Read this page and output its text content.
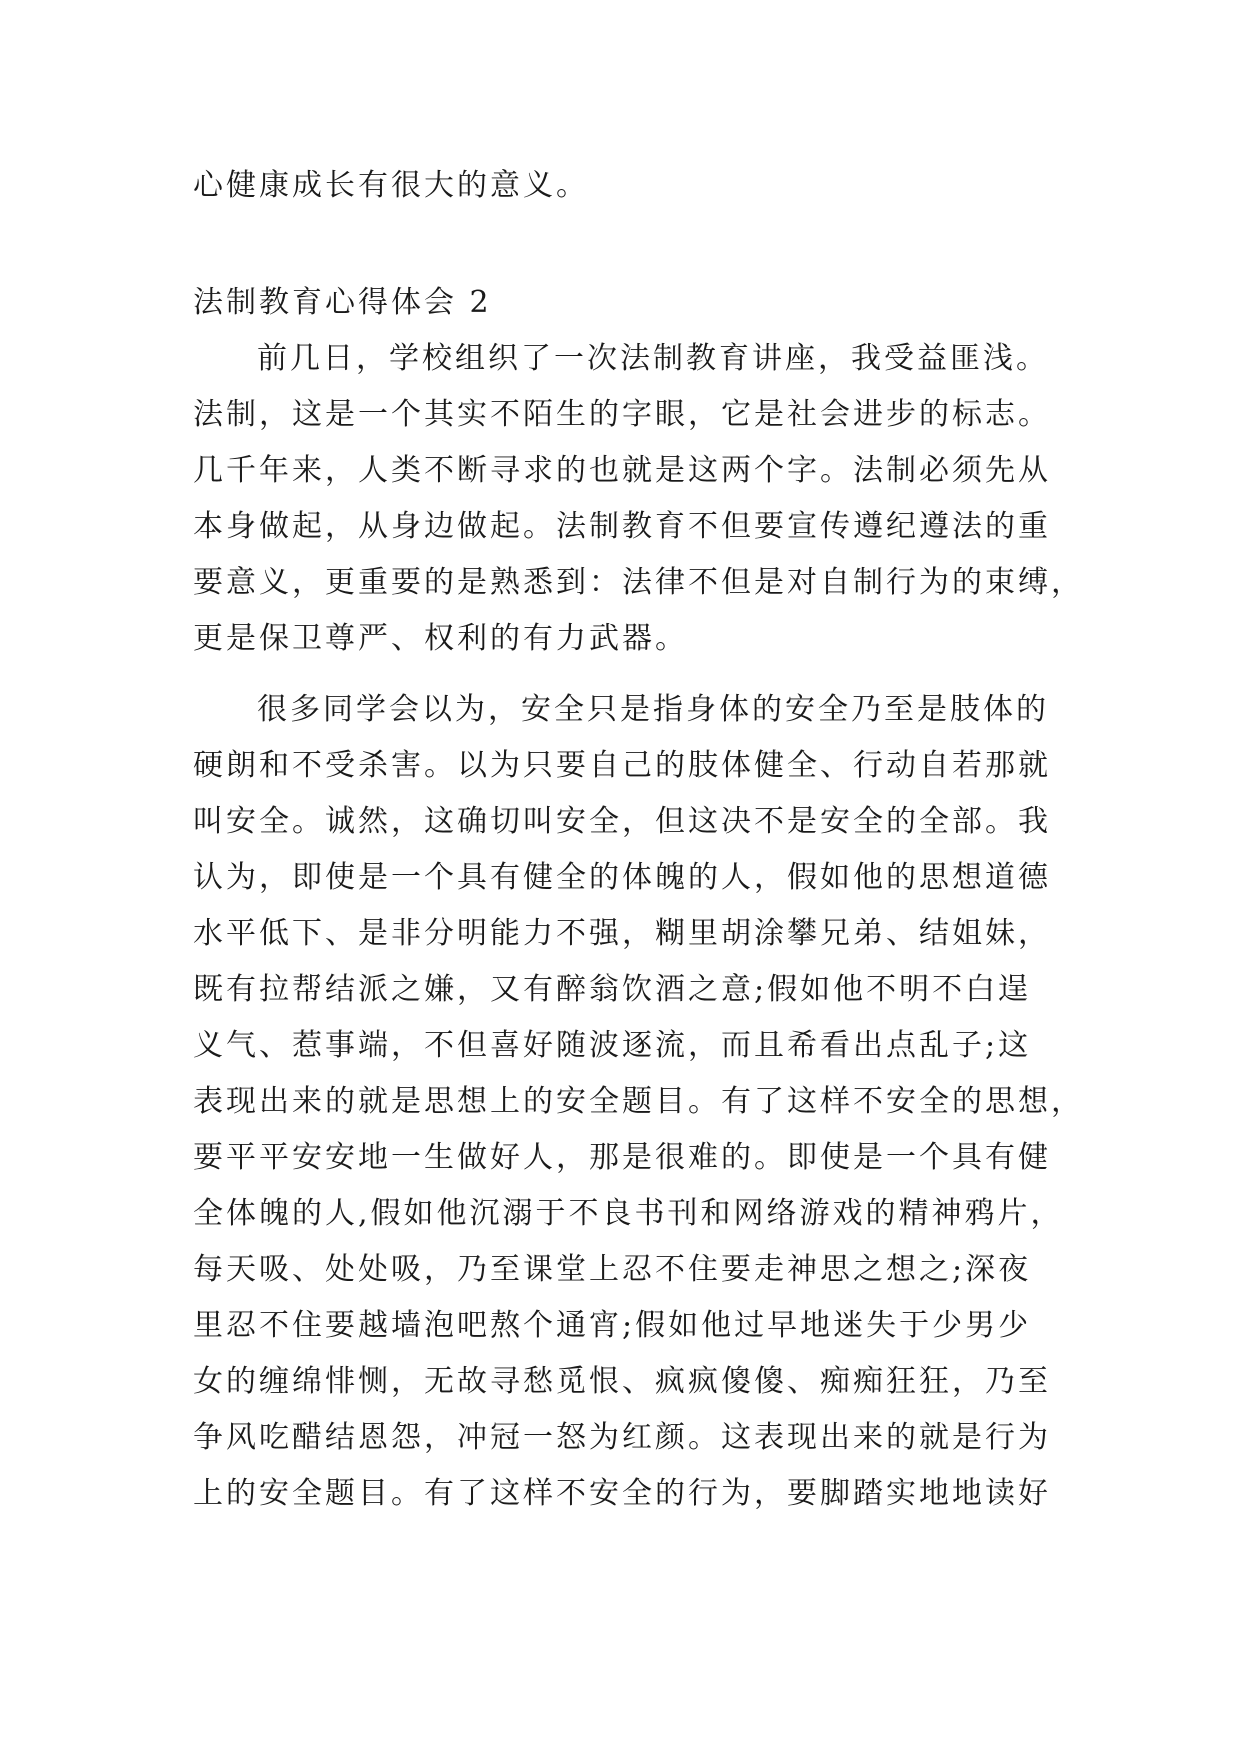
心健康成长有很大的意义。
法制教育心得体会 2
前几日，学校组织了一次法制教育讲座，我受益匪浅。
法制，这是一个其实不陌生的字眼，它是社会进步的标志。
几千年来，人类不断寻求的也就是这两个字。法制必须先从
本身做起，从身边做起。法制教育不但要宣传遵纪遵法的重
要意义，更重要的是熟悉到：法律不但是对自制行为的束缚，
更是保卫尊严、权利的有力武器。
很多同学会以为，安全只是指身体的安全乃至是肢体的
硬朗和不受杀害。以为只要自己的肢体健全、行动自若那就
叫安全。诚然，这确切叫安全，但这决不是安全的全部。我
认为，即使是一个具有健全的体魄的人，假如他的思想道德
水平低下、是非分明能力不强，糊里胡涂攀兄弟、结姐妹，
既有拉帮结派之嫌，又有醉翁饮酒之意;假如他不明不白逞
义气、惹事端，不但喜好随波逐流，而且希看出点乱子;这
表现出来的就是思想上的安全题目。有了这样不安全的思想，
要平平安安地一生做好人，那是很难的。即使是一个具有健
全体魄的人,假如他沉溺于不良书刊和网络游戏的精神鸦片，
每天吸、处处吸，乃至课堂上忍不住要走神思之想之;深夜
里忍不住要越墙泡吧熬个通宵;假如他过早地迷失于少男少
女的缠绵悱恻，无故寻愁觅恨、疯疯傻傻、痴痴狂狂，乃至
争风吃醋结恩怨，冲冠一怒为红颜。这表现出来的就是行为
上的安全题目。有了这样不安全的行为，要脚踏实地地读好
